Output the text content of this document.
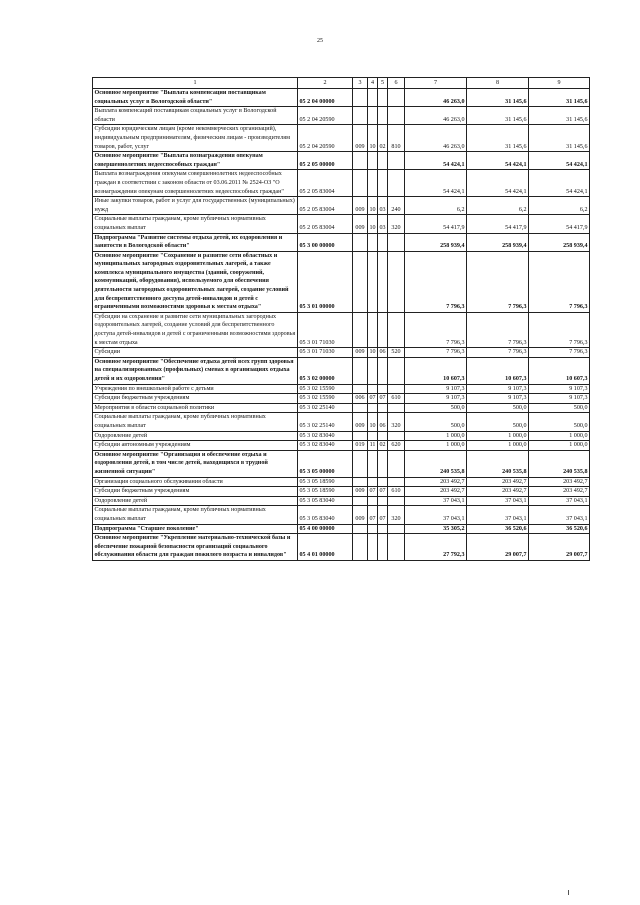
25
1	2	3	4	5	6	7	8	9
Основное мероприятие "Выплата компенсации поставщикам социальных услуг в Вологодской области"	05 2 04 00000					46 263,0	31 145,6	31 145,6
Выплата компенсаций поставщикам социальных услуг в Вологодской области	05 2 04 20590					46 263,0	31 145,6	31 145,6
Субсидии юридическим лицам (кроме некоммерческих организаций), индивидуальным предпринимателям, физическим лицам - производителям товаров, работ, услуг	05 2 04 20590	009	10	02	810	46 263,0	31 145,6	31 145,6
Основное мероприятие "Выплата вознаграждения опекунам совершеннолетних недееспособных граждан"	05 2 05 00000					54 424,1	54 424,1	54 424,1
Выплата вознаграждения опекунам совершеннолетних недееспособных граждан в соответствии с законом области от 03.06.2011 № 2524-ОЗ "О вознаграждении опекунам совершеннолетних недееспособных граждан"	05 2 05 83004					54 424,1	54 424,1	54 424,1
Иные закупки товаров, работ и услуг для государственных (муниципальных) нужд	05 2 05 83004	009	10	03	240	6,2	6,2	6,2
Социальные выплаты гражданам, кроме публичных нормативных социальных выплат	05 2 05 83004	009	10	03	320	54 417,9	54 417,9	54 417,9
Подпрограмма "Развитие системы отдыха детей, их оздоровления и занятости в Вологодской области"	05 3 00 00000					258 939,4	258 939,4	258 939,4
Основное мероприятие "Сохранение и развитие сети областных и муниципальных загородных оздоровительных лагерей, а также комплекса муниципального имущества (зданий, сооружений, коммуникаций, оборудования), используемого для обеспечения деятельности загородных оздоровительных лагерей, создание условий для беспрепятственного доступа детей-инвалидов и детей с ограниченными возможностями здоровья к местам отдыха"	05 3 01 00000					7 796,3	7 796,3	7 796,3
Субсидии на сохранение и развитие сети муниципальных загородных оздоровительных лагерей, создание условий для беспрепятственного доступа детей-инвалидов и детей с ограниченными возможностями здоровья к местам отдыха	05 3 01 71030					7 796,3	7 796,3	7 796,3
Субсидии	05 3 01 71030	009	10	06	520	7 796,3	7 796,3	7 796,3
Основное мероприятие "Обеспечение отдыха детей всех групп здоровья на специализированных (профильных) сменах в организациях отдыха детей и их оздоровления"	05 3 02 00000					10 607,3	10 607,3	10 607,3
Учреждения по внешкольной работе с детьми	05 3 02 15590					9 107,3	9 107,3	9 107,3
Субсидии бюджетным учреждениям	05 3 02 15590	006	07	07	610	9 107,3	9 107,3	9 107,3
Мероприятия в области социальной политики	05 3 02 25140					500,0	500,0	500,0
Социальные выплаты гражданам, кроме публичных нормативных социальных выплат	05 3 02 25140	009	10	06	320	500,0	500,0	500,0
Оздоровление детей	05 3 02 83040					1 000,0	1 000,0	1 000,0
Субсидии автономным учреждениям	05 3 02 83040	019	11	02	620	1 000,0	1 000,0	1 000,0
Основное мероприятие "Организация и обеспечение отдыха и оздоровления детей, в том числе детей, находящихся в трудной жизненной ситуации"	05 3 05 00000					240 535,8	240 535,8	240 535,8
Организация социального обслуживания области	05 3 05 18590					203 492,7	203 492,7	203 492,7
Субсидии бюджетным учреждениям	05 3 05 18590	009	07	07	610	203 492,7	203 492,7	203 492,7
Оздоровление детей	05 3 05 83040					37 043,1	37 043,1	37 043,1
Социальные выплаты гражданам, кроме публичных нормативных социальных выплат	05 3 05 83040	009	07	07	320	37 043,1	37 043,1	37 043,1
Подпрограмма "Старшее поколение"	05 4 00 00000					35 305,2	36 520,6	36 520,6
Основное мероприятие "Укрепление материально-технической базы и обеспечение пожарной безопасности организаций социального обслуживания области для граждан пожилого возраста и инвалидов"	05 4 01 00000					27 792,3	29 007,7	29 007,7
